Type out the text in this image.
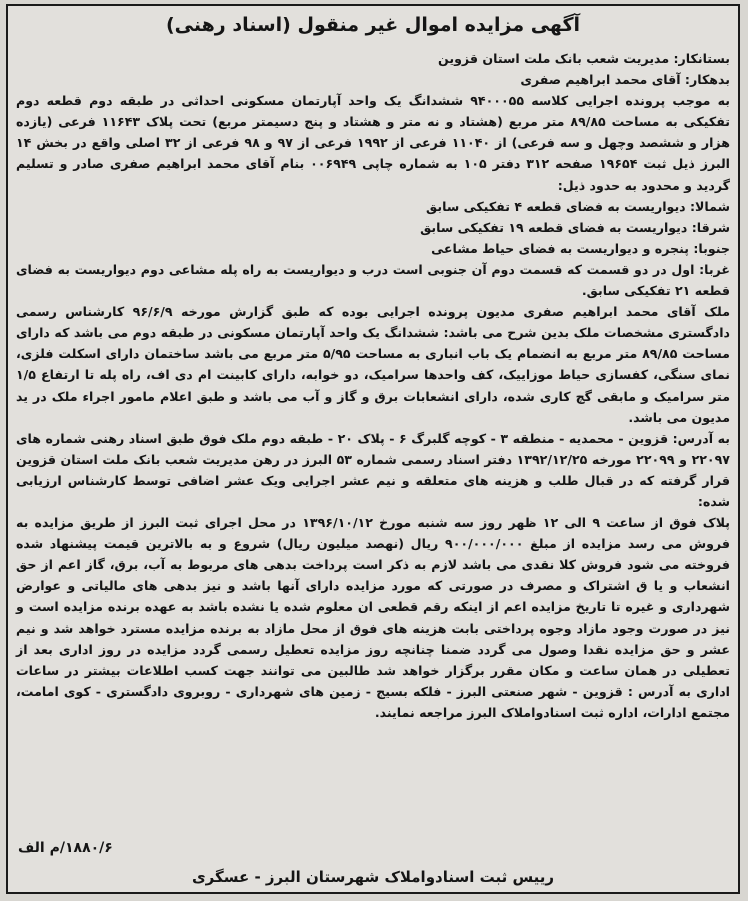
آگهی مزایده اموال غیر منقول (اسناد رهنی)

بستانکار: مدیریت شعب بانک ملت استان قزوین

بدهکار: آقای محمد ابراهیم صفری

به موجب پرونده اجرایی کلاسه ۹۴۰۰۰۵۵ ششدانگ یک واحد آپارتمان مسکونی احداثی در طبقه دوم قطعه دوم تفکیکی به مساحت ۸۹/۸۵ متر مربع (هشتاد و نه متر و هشتاد و پنج دسیمتر مربع) تحت پلاک ۱۱۶۴۳ فرعی (یازده هزار و ششصد وچهل و سه فرعی) از ۱۱۰۴۰ فرعی از ۱۹۹۲ فرعی از ۹۷ و ۹۸ فرعی از ۳۲ اصلی واقع در بخش ۱۴ البرز ذیل ثبت ۱۹۶۵۴ صفحه ۳۱۲ دفتر ۱۰۵ به شماره چاپی ۰۰۶۹۴۹ بنام آقای محمد ابراهیم صفری صادر و تسلیم گردید و محدود به حدود ذیل:

شمالا: دیواریست به فضای قطعه ۴ تفکیکی سابق

شرقا: دیواریست به فضای قطعه ۱۹ تفکیکی سابق

جنوبا: پنجره و دیواریست به فضای حیاط مشاعی

غربا: اول در دو قسمت که قسمت دوم آن جنوبی است درب و دیواریست به راه پله مشاعی دوم دیواریست به فضای قطعه ۲۱ تفکیکی سابق.

ملک آقای محمد ابراهیم صفری مدیون پرونده اجرایی بوده که طبق گزارش مورخه ۹۶/۶/۹ کارشناس رسمی دادگستری مشخصات ملک بدین شرح می باشد: ششدانگ یک واحد آپارتمان مسکونی در طبقه دوم می باشد که دارای مساحت ۸۹/۸۵ متر مربع به انضمام یک باب انباری به مساحت ۵/۹۵ متر مربع می باشد ساختمان دارای اسکلت فلزی، نمای سنگی، کفسازی حیاط موزاییک، کف واحدها سرامیک، دو خوابه، دارای کابینت ام دی اف، راه پله تا ارتفاع ۱/۵ متر سرامیک و مابقی گچ کاری شده، دارای انشعابات برق و گاز و آب می باشد و طبق اعلام مامور اجراء ملک در ید مدیون می باشد.

به آدرس: قزوین - محمدیه - منطقه ۳ - کوچه گلبرگ ۶ - پلاک ۲۰ - طبقه دوم ملک فوق طبق اسناد رهنی شماره های ۲۲۰۹۷ و ۲۲۰۹۹ مورخه ۱۳۹۲/۱۲/۲۵ دفتر اسناد رسمی شماره ۵۳ البرز در رهن مدیریت شعب بانک ملت استان قزوین قرار گرفته که در قبال طلب و هزینه های متعلقه و نیم عشر اجرایی ویک عشر اضافی توسط کارشناس ارزیابی شده:

پلاک فوق از ساعت ۹ الی ۱۲ ظهر روز سه شنبه مورخ ۱۳۹۶/۱۰/۱۲ در محل اجرای ثبت البرز از طریق مزایده به فروش می رسد مزایده از مبلغ ۹۰۰/۰۰۰/۰۰۰ ریال (نهصد میلیون ریال) شروع و به بالاترین قیمت پیشنهاد شده فروخته می شود فروش کلا نقدی می باشد لازم به ذکر است پرداخت بدهی های مربوط به آب، برق، گاز اعم از حق انشعاب و یا ق اشتراک و مصرف در صورتی که مورد مزایده دارای آنها باشد و نیز بدهی های مالیاتی و عوارض شهرداری و غیره تا تاریخ مزایده اعم از اینکه رقم قطعی ان معلوم شده یا نشده باشد به عهده برنده مزایده است و نیز در صورت وجود مازاد وجوه پرداختی بابت هزینه های فوق از محل مازاد به برنده مزایده مسترد خواهد شد و نیم عشر و حق مزایده نقدا وصول می گردد ضمنا چنانچه روز مزایده تعطیل رسمی گردد مزایده در روز اداری بعد از تعطیلی در همان ساعت و مکان مقرر برگزار خواهد شد طالبین می توانند جهت کسب اطلاعات بیشتر در ساعات اداری به آدرس : قزوین - شهر صنعتی البرز - فلکه بسیج - زمین های شهرداری - روبروی دادگستری - کوی امامت، مجتمع ادارات، اداره ثبت اسنادواملاک البرز مراجعه نمایند.

۱۸۸۰/۶/م الف
رییس ثبت اسنادواملاک شهرستان البرز - عسگری
